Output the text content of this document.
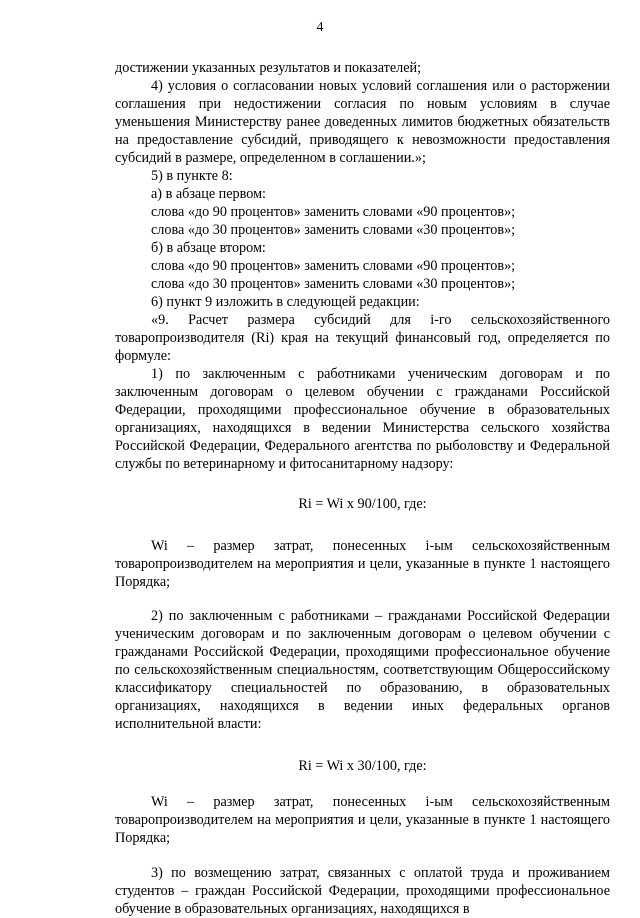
4

достижении указанных результатов и показателей;

4) условия о согласовании новых условий соглашения или о расторжении соглашения при недостижении согласия по новым условиям в случае уменьшения Министерству ранее доведенных лимитов бюджетных обязательств на предоставление субсидий, приводящего к невозможности предоставления субсидий в размере, определенном в соглашении.»;

5) в пункте 8:

а) в абзаце первом:

слова «до 90 процентов» заменить словами «90 процентов»;

слова «до 30 процентов» заменить словами «30 процентов»;

б) в абзаце втором:

слова «до 90 процентов» заменить словами «90 процентов»;

слова «до 30 процентов» заменить словами «30 процентов»;

6) пункт 9 изложить в следующей редакции:

«9. Расчет размера субсидий для i-го сельскохозяйственного товаропроизводителя (Ri) края на текущий финансовый год, определяется по формуле:

1) по заключенным с работниками ученическим договорам и по заключенным договорам о целевом обучении с гражданами Российской Федерации, проходящими профессиональное обучение в образовательных организациях, находящихся в ведении Министерства сельского хозяйства Российской Федерации, Федерального агентства по рыболовству и Федеральной службы по ветеринарному и фитосанитарному надзору:

Ri = Wi x 90/100, где:

Wi – размер затрат, понесенных i-ым сельскохозяйственным товаропроизводителем на мероприятия и цели, указанные в пункте 1 настоящего Порядка;

2) по заключенным с работниками – гражданами Российской Федерации ученическим договорам и по заключенным договорам о целевом обучении с гражданами Российской Федерации, проходящими профессиональное обучение по сельскохозяйственным специальностям, соответствующим Общероссийскому классификатору специальностей по образованию, в образовательных организациях, находящихся в ведении иных федеральных органов исполнительной власти:

Ri = Wi x 30/100, где:

Wi – размер затрат, понесенных i-ым сельскохозяйственным товаропроизводителем на мероприятия и цели, указанные в пункте 1 настоящего Порядка;

3) по возмещению затрат, связанных с оплатой труда и проживанием студентов – граждан Российской Федерации, проходящими профессиональное обучение в образовательных организациях, находящихся в
